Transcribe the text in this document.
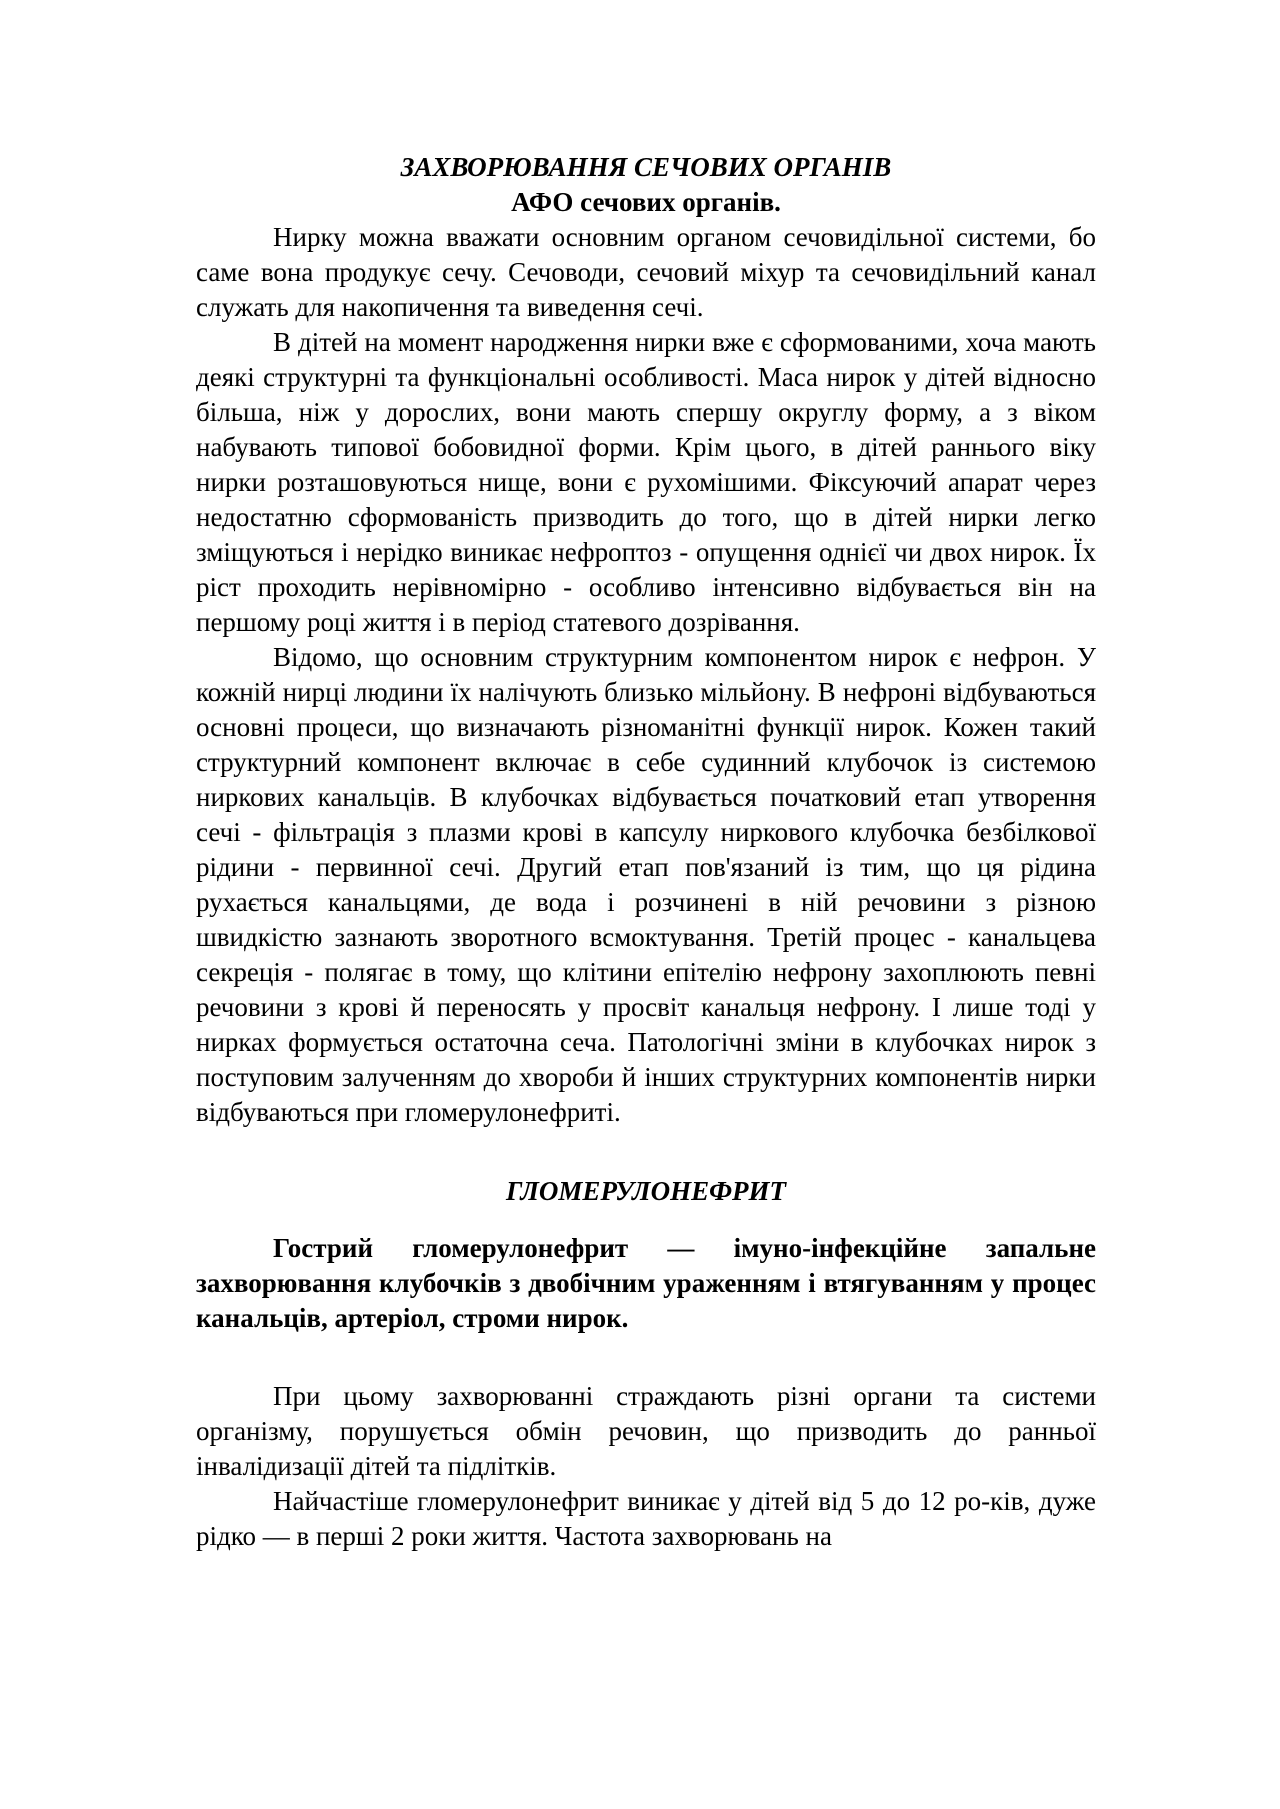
ЗАХВОРЮВАННЯ СЕЧОВИХ ОРГАНІВ
АФО сечових органів.

Нирку можна вважати основним органом сечовидільної системи, бо саме вона продукує сечу. Сечоводи, сечовий міхур та сечовидільний канал служать для накопичення та виведення сечі.

В дітей на момент народження нирки вже є сформованими, хоча мають деякі структурні та функціональні особливості. Маса нирок у дітей відносно більша, ніж у дорослих, вони мають спершу округлу форму, а з віком набувають типової бобовидної форми. Крім цього, в дітей раннього віку нирки розташовуються нище, вони є рухомішими. Фіксуючий апарат через недостатню сформованість призводить до того, що в дітей нирки легко зміщуються і нерідко виникає нефроптоз - опущення однієї чи двох нирок. Їх ріст проходить нерівномірно - особливо інтенсивно відбувається він на першому році життя і в період статевого дозрівання.

Відомо, що основним структурним компонентом нирок є нефрон. У кожній нирці людини їх налічують близько мільйону. В нефроні відбуваються основні процеси, що визначають різноманітні функції нирок. Кожен такий структурний компонент включає в себе судинний клубочок із системою ниркових канальців. В клубочках відбувається початковий етап утворення сечі - фільтрація з плазми крові в капсулу ниркового клубочка безбілкової рідини - первинної сечі. Другий етап пов'язаний із тим, що ця рідина рухається канальцями, де вода і розчинені в ній речовини з різною швидкістю зазнають зворотного всмоктування. Третій процес - канальцева секреція - полягає в тому, що клітини епітелію нефрону захоплюють певні речовини з крові й переносять у просвіт канальця нефрону. І лише тоді у нирках формується остаточна сеча. Патологічні зміни в клубочках нирок з поступовим залученням до хвороби й інших структурних компонентів нирки відбуваються при гломерулонефриті.

ГЛОМЕРУЛОНЕФРИТ

Гострий гломерулонефрит — імуно-інфекційне запальне захворювання клубочків з двобічним ураженням і втягуванням у процес канальців, артеріол, строми нирок.

При цьому захворюванні страждають різні органи та системи організму, порушується обмін речовин, що призводить до ранньої інвалідизації дітей та підлітків.

Найчастіше гломерулонефрит виникає у дітей від 5 до 12 ро-ків, дуже рідко — в перші 2 роки життя. Частота захворювань на
